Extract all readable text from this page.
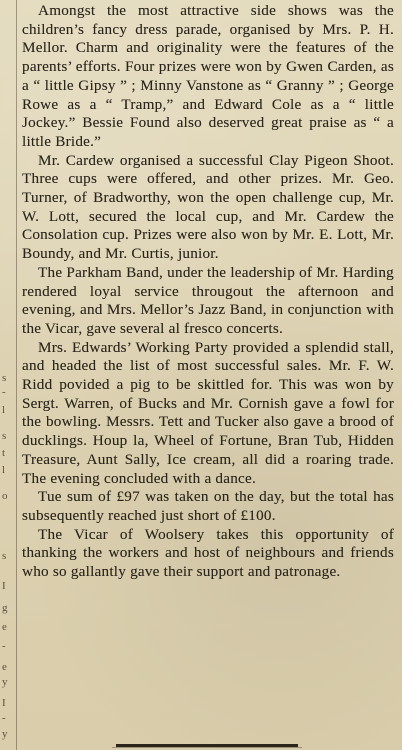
s
-
l
s
t
l
o
s
I
g
e
-
e
y
I
-
y

Amongst the most attractive side shows was the children’s fancy dress parade, organised by Mrs. P. H. Mellor. Charm and originality were the features of the parents’ efforts. Four prizes were won by Gwen Carden, as a “ little Gipsy ” ; Minny Vanstone as “ Granny ” ; George Rowe as a “ Tramp,” and Edward Cole as a “ little Jockey.” Bessie Found also deserved great praise as “ a little Bride.”

Mr. Cardew organised a successful Clay Pigeon Shoot. Three cups were offered, and other prizes. Mr. Geo. Turner, of Bradworthy, won the open challenge cup, Mr. W. Lott, secured the local cup, and Mr. Cardew the Consolation cup. Prizes were also won by Mr. E. Lott, Mr. Boundy, and Mr. Curtis, junior.

The Parkham Band, under the leadership of Mr. Harding rendered loyal service througout the afternoon and evening, and Mrs. Mellor’s Jazz Band, in conjunction with the Vicar, gave several al fresco concerts.

Mrs. Edwards’ Working Party provided a splendid stall, and headed the list of most successful sales. Mr. F. W. Ridd povided a pig to be skittled for. This was won by Sergt. Warren, of Bucks and Mr. Cornish gave a fowl for the bowling. Messrs. Tett and Tucker also gave a brood of ducklings. Houp la, Wheel of Fortune, Bran Tub, Hidden Treasure, Aunt Sally, Ice cream, all did a roaring trade. The evening concluded with a dance.

Tue sum of £97 was taken on the day, but the total has subsequently reached just short of £100.

The Vicar of Woolsery takes this opportunity of thanking the workers and host of neighbours and friends who so gallantly gave their support and patronage.
